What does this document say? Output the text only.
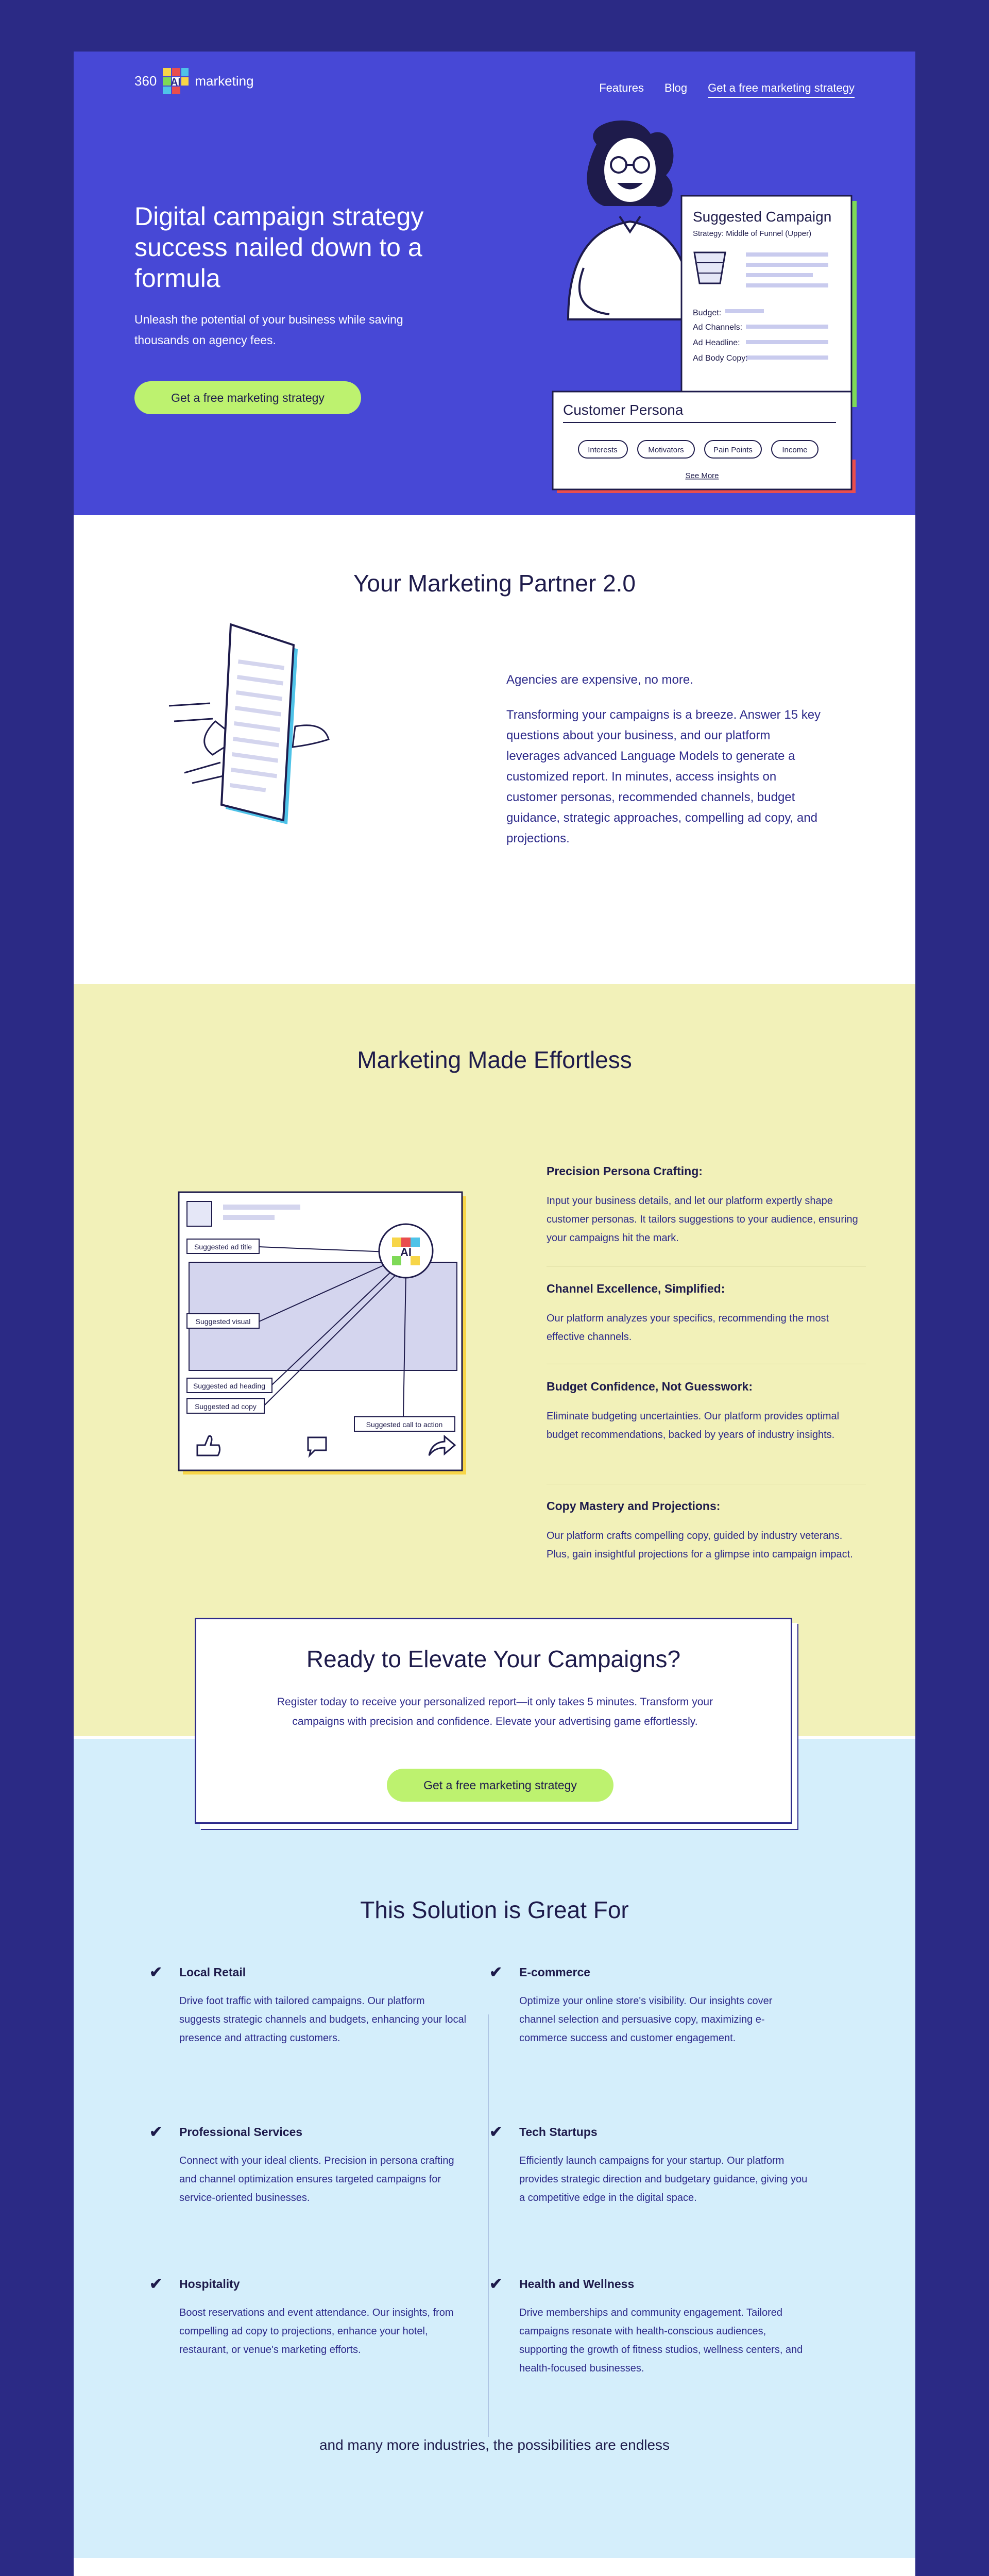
360 AI marketing	Features Blog Get a free marketing strategy
Digital campaign strategy success nailed down to a formula

Unleash the potential of your business while saving thousands on agency fees.

Get a free marketing strategy
Suggested Campaign
Strategy: Middle of Funnel (Upper)
Budget:
Ad Channels:
Ad Headline:
Ad Body Copy:
Customer Persona
Interests	Motivators	Pain Points	Income
See More
Your Marketing Partner 2.0

Agencies are expensive, no more.

Transforming your campaigns is a breeze. Answer 15 key questions about your business, and our platform leverages advanced Language Models to generate a customized report. In minutes, access insights on customer personas, recommended channels, budget guidance, strategic approaches, compelling ad copy, and projections.

Marketing Made Effortless
Suggested ad title
Suggested visual
Suggested ad heading
Suggested ad copy
Suggested call to action
AI
Precision Persona Crafting:

Input your business details, and let our platform expertly shape customer personas. It tailors suggestions to your audience, ensuring your campaigns hit the mark.

Channel Excellence, Simplified:

Our platform analyzes your specifics, recommending the most effective channels.

Budget Confidence, Not Guesswork:

Eliminate budgeting uncertainties. Our platform provides optimal budget recommendations, backed by years of industry insights.

Copy Mastery and Projections:

Our platform crafts compelling copy, guided by industry veterans. Plus, gain insightful projections for a glimpse into campaign impact.

This Solution is Great For
✔ Local Retail

Drive foot traffic with tailored campaigns. Our platform suggests strategic channels and budgets, enhancing your local presence and attracting customers.

✔ E-commerce

Optimize your online store's visibility. Our insights cover channel selection and persuasive copy, maximizing e-commerce success and customer engagement.

✔ Professional Services

Connect with your ideal clients. Precision in persona crafting and channel optimization ensures targeted campaigns for service-oriented businesses.

✔ Tech Startups

Efficiently launch campaigns for your startup. Our platform provides strategic direction and budgetary guidance, giving you a competitive edge in the digital space.

✔ Hospitality

Boost reservations and event attendance. Our insights, from compelling ad copy to projections, enhance your hotel, restaurant, or venue's marketing efforts.

✔ Health and Wellness

Drive memberships and community engagement. Tailored campaigns resonate with health-conscious audiences, supporting the growth of fitness studios, wellness centers, and health-focused businesses.

and many more industries, the possibilities are endless
Ready to Elevate Your Campaigns?

Register today to receive your personalized report—it only takes 5 minutes. Transform your campaigns with precision and confidence. Elevate your advertising game effortlessly.

Get a free marketing strategy
